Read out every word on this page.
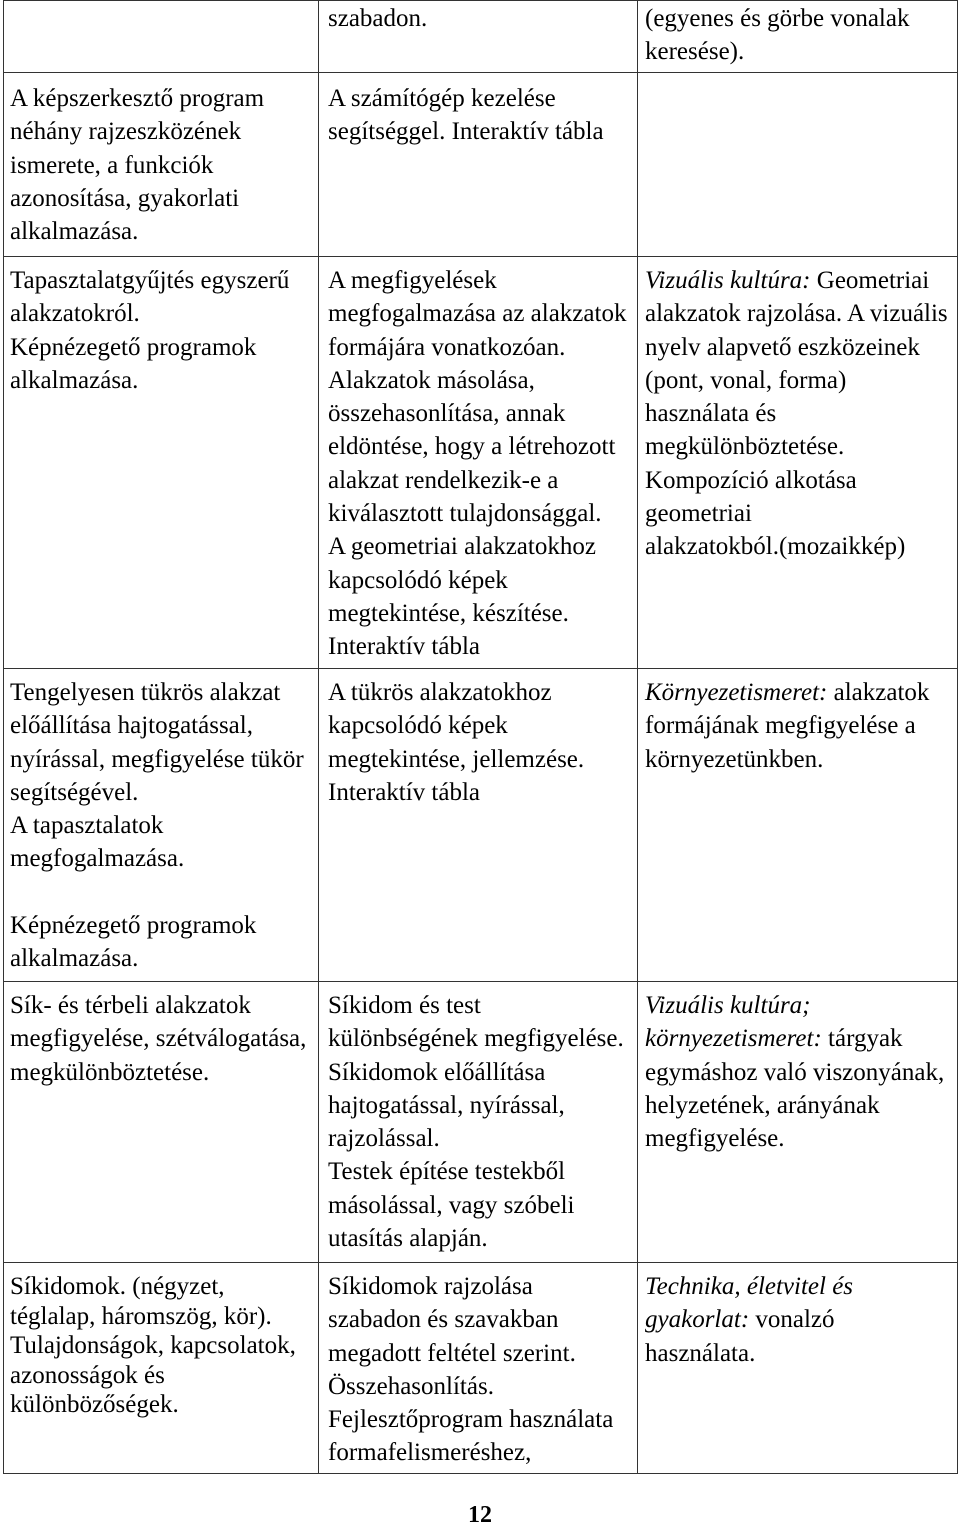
szabadon.	(egyenes és görbe vonalak
keresése).
A képszerkesztő program
néhány rajzeszközének
ismerete, a funkciók
azonosítása, gyakorlati
alkalmazása.
A számítógép kezelése
segítséggel. Interaktív tábla
Tapasztalatgyűjtés egyszerű
alakzatokról.
Képnézegető programok
alkalmazása.
A megfigyelések
megfogalmazása az alakzatok
formájára vonatkozóan.
Alakzatok másolása,
összehasonlítása, annak
eldöntése, hogy a létrehozott
alakzat rendelkezik-e a
kiválasztott tulajdonsággal.
A geometriai alakzatokhoz
kapcsolódó képek
megtekintése, készítése.
Interaktív tábla
Vizuális kultúra: Geometriai
alakzatok rajzolása. A vizuális
nyelv alapvető eszközeinek
(pont, vonal, forma)
használata és
megkülönböztetése.
Kompozíció alkotása
geometriai
alakzatokból.(mozaikkép)
Tengelyesen tükrös alakzat
előállítása hajtogatással,
nyírással, megfigyelése tükör
segítségével.
A tapasztalatok
megfogalmazása.
Képnézegető programok
alkalmazása.
A tükrös alakzatokhoz
kapcsolódó képek
megtekintése, jellemzése.
Interaktív tábla
Környezetismeret: alakzatok
formájának megfigyelése a
környezetünkben.
Sík- és térbeli alakzatok
megfigyelése, szétválogatása,
megkülönböztetése.
Síkidom és test
különbségének megfigyelése.
Síkidomok előállítása
hajtogatással, nyírással,
rajzolással.
Testek építése testekből
másolással, vagy szóbeli
utasítás alapján.
Vizuális kultúra;
környezetismeret: tárgyak
egymáshoz való viszonyának,
helyzetének, arányának
megfigyelése.
Síkidomok. (négyzet,
téglalap, háromszög, kör).
Tulajdonságok, kapcsolatok,
azonosságok és
különbözőségek.
Síkidomok rajzolása
szabadon és szavakban
megadott feltétel szerint.
Összehasonlítás.
Fejlesztőprogram használata
formafelismeréshez,
Technika, életvitel és
gyakorlat: vonalzó
használata.
12
